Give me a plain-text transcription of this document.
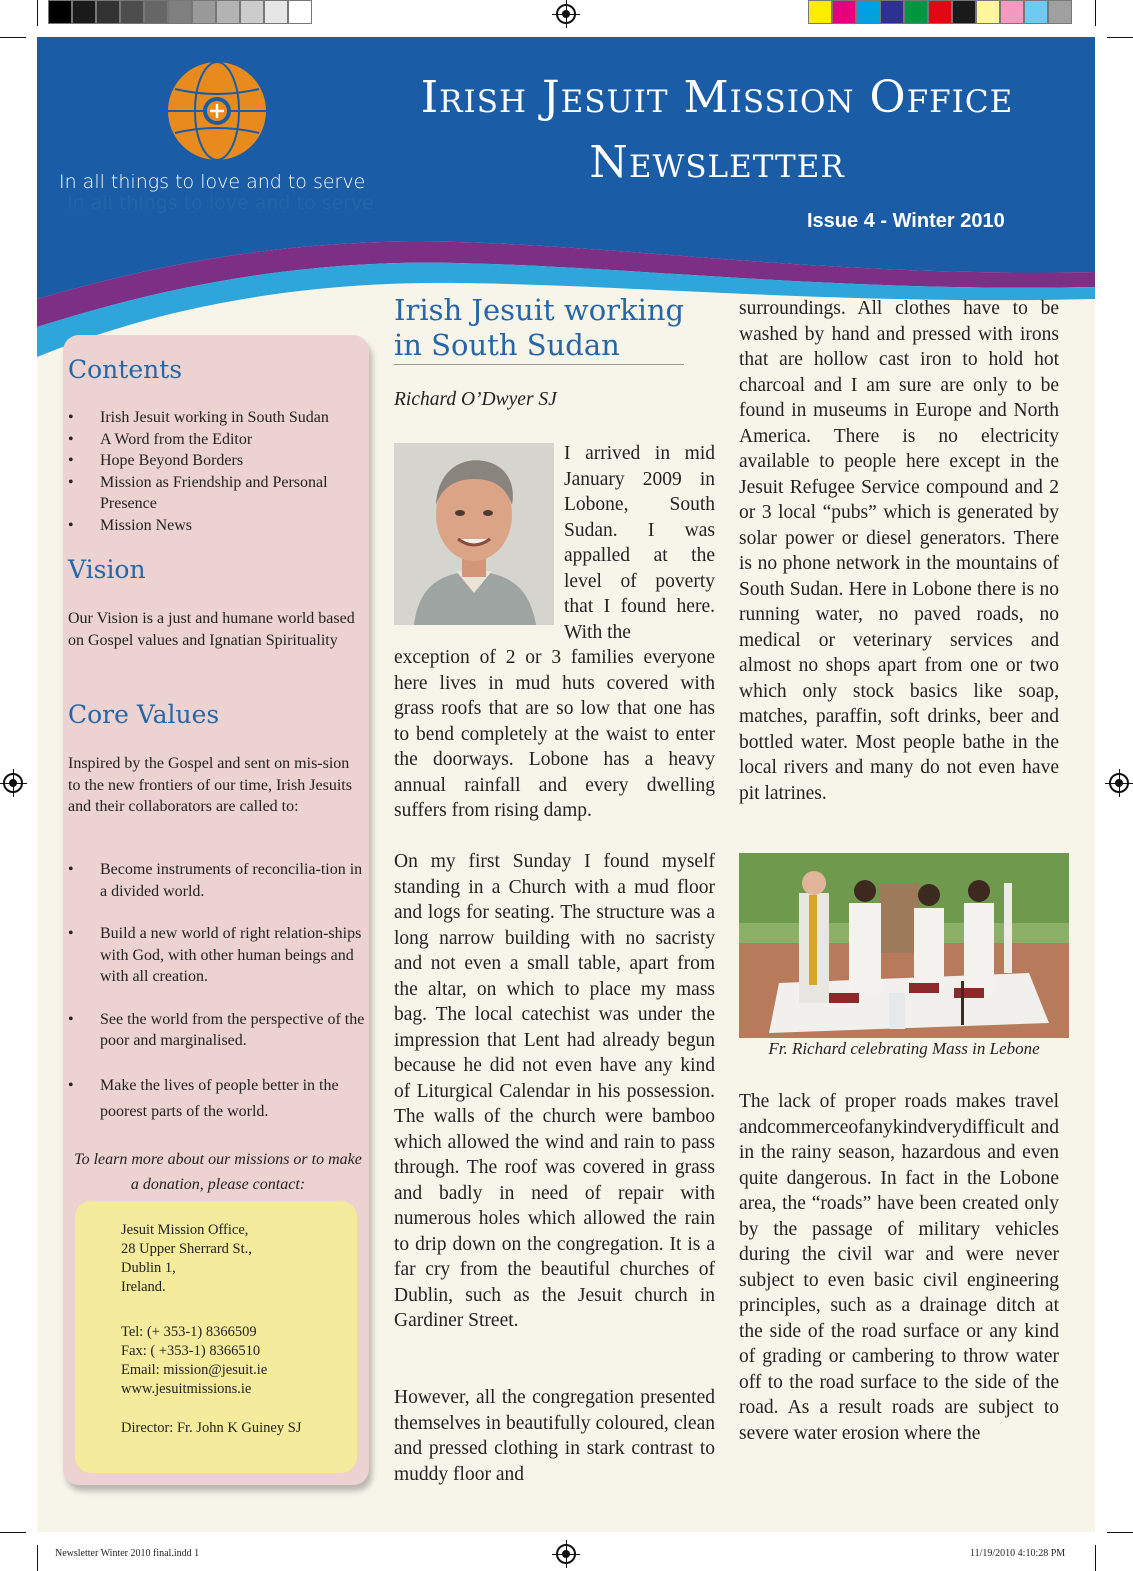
In all things to love and to serve
In all things to love and to serve
Irish Jesuit Mission Office
Newsletter
Issue 4 - Winter 2010
Contents
• Irish Jesuit working in South Sudan
• A Word from the Editor
• Hope Beyond Borders
• Mission as Friendship and Personal Presence
• Mission News
Vision
Our Vision is a just and humane world based on Gospel values and Ignatian Spirituality
Core Values
Inspired by the Gospel and sent on mis-sion to the new frontiers of our time, Irish Jesuits and their collaborators are called to:
• Become instruments of reconcilia-tion in a divided world.
• Build a new world of right relation-ships with God, with other human beings and with all creation.
• See the world from the perspective of the poor and marginalised.
• Make the lives of people better in the poorest parts of the world.
To learn more about our missions or to make a donation, please contact:
Jesuit Mission Office,
28 Upper Sherrard St.,
Dublin 1,
Ireland.
Tel: (+ 353-1) 8366509
Fax: ( +353-1) 8366510
Email: mission@jesuit.ie
www.jesuitmissions.ie
Director: Fr. John K Guiney SJ
Irish Jesuit working in South Sudan
Richard O’Dwyer SJ
I arrived in mid January 2009 in Lobone, South Sudan. I was appalled at the level of poverty that I found here. With the
exception of 2 or 3 families everyone here lives in mud huts covered with grass roofs that are so low that one has to bend completely at the waist to enter the doorways. Lobone has a heavy annual rainfall and every dwelling suffers from rising damp.
On my first Sunday I found myself standing in a Church with a mud floor and logs for seating. The structure was a long narrow building with no sacristy and not even a small table, apart from the altar, on which to place my mass bag. The local catechist was under the impression that Lent had already begun because he did not even have any kind of Liturgical Calendar in his possession. The walls of the church were bamboo which allowed the wind and rain to pass through. The roof was covered in grass and badly in need of repair with numerous holes which allowed the rain to drip down on the congregation. It is a far cry from the beautiful churches of Dublin, such as the Jesuit church in Gardiner Street.
However, all the congregation presented themselves in beautifully coloured, clean and pressed clothing in stark contrast to muddy floor and
surroundings. All clothes have to be washed by hand and pressed with irons that are hollow cast iron to hold hot charcoal and I am sure are only to be found in museums in Europe and North America. There is no electricity available to people here except in the Jesuit Refugee Service compound and 2 or 3 local “pubs” which is generated by solar power or diesel generators. There is no phone network in the mountains of South Sudan. Here in Lobone there is no running water, no paved roads, no medical or veterinary services and almost no shops apart from one or two which only stock basics like soap, matches, paraffin, soft drinks, beer and bottled water. Most people bathe in the local rivers and many do not even have pit latrines.
Fr. Richard celebrating Mass in Lebone
The lack of proper roads makes travel andcommerceofanykindverydifficult and in the rainy season, hazardous and even quite dangerous. In fact in the Lobone area, the “roads” have been created only by the passage of military vehicles during the civil war and were never subject to even basic civil engineering principles, such as a drainage ditch at the side of the road surface or any kind of grading or cambering to throw water off to the road surface to the side of the road. As a result roads are subject to severe water erosion where the
Newsletter Winter 2010 final.indd 1	11/19/2010 4:10:28 PM
